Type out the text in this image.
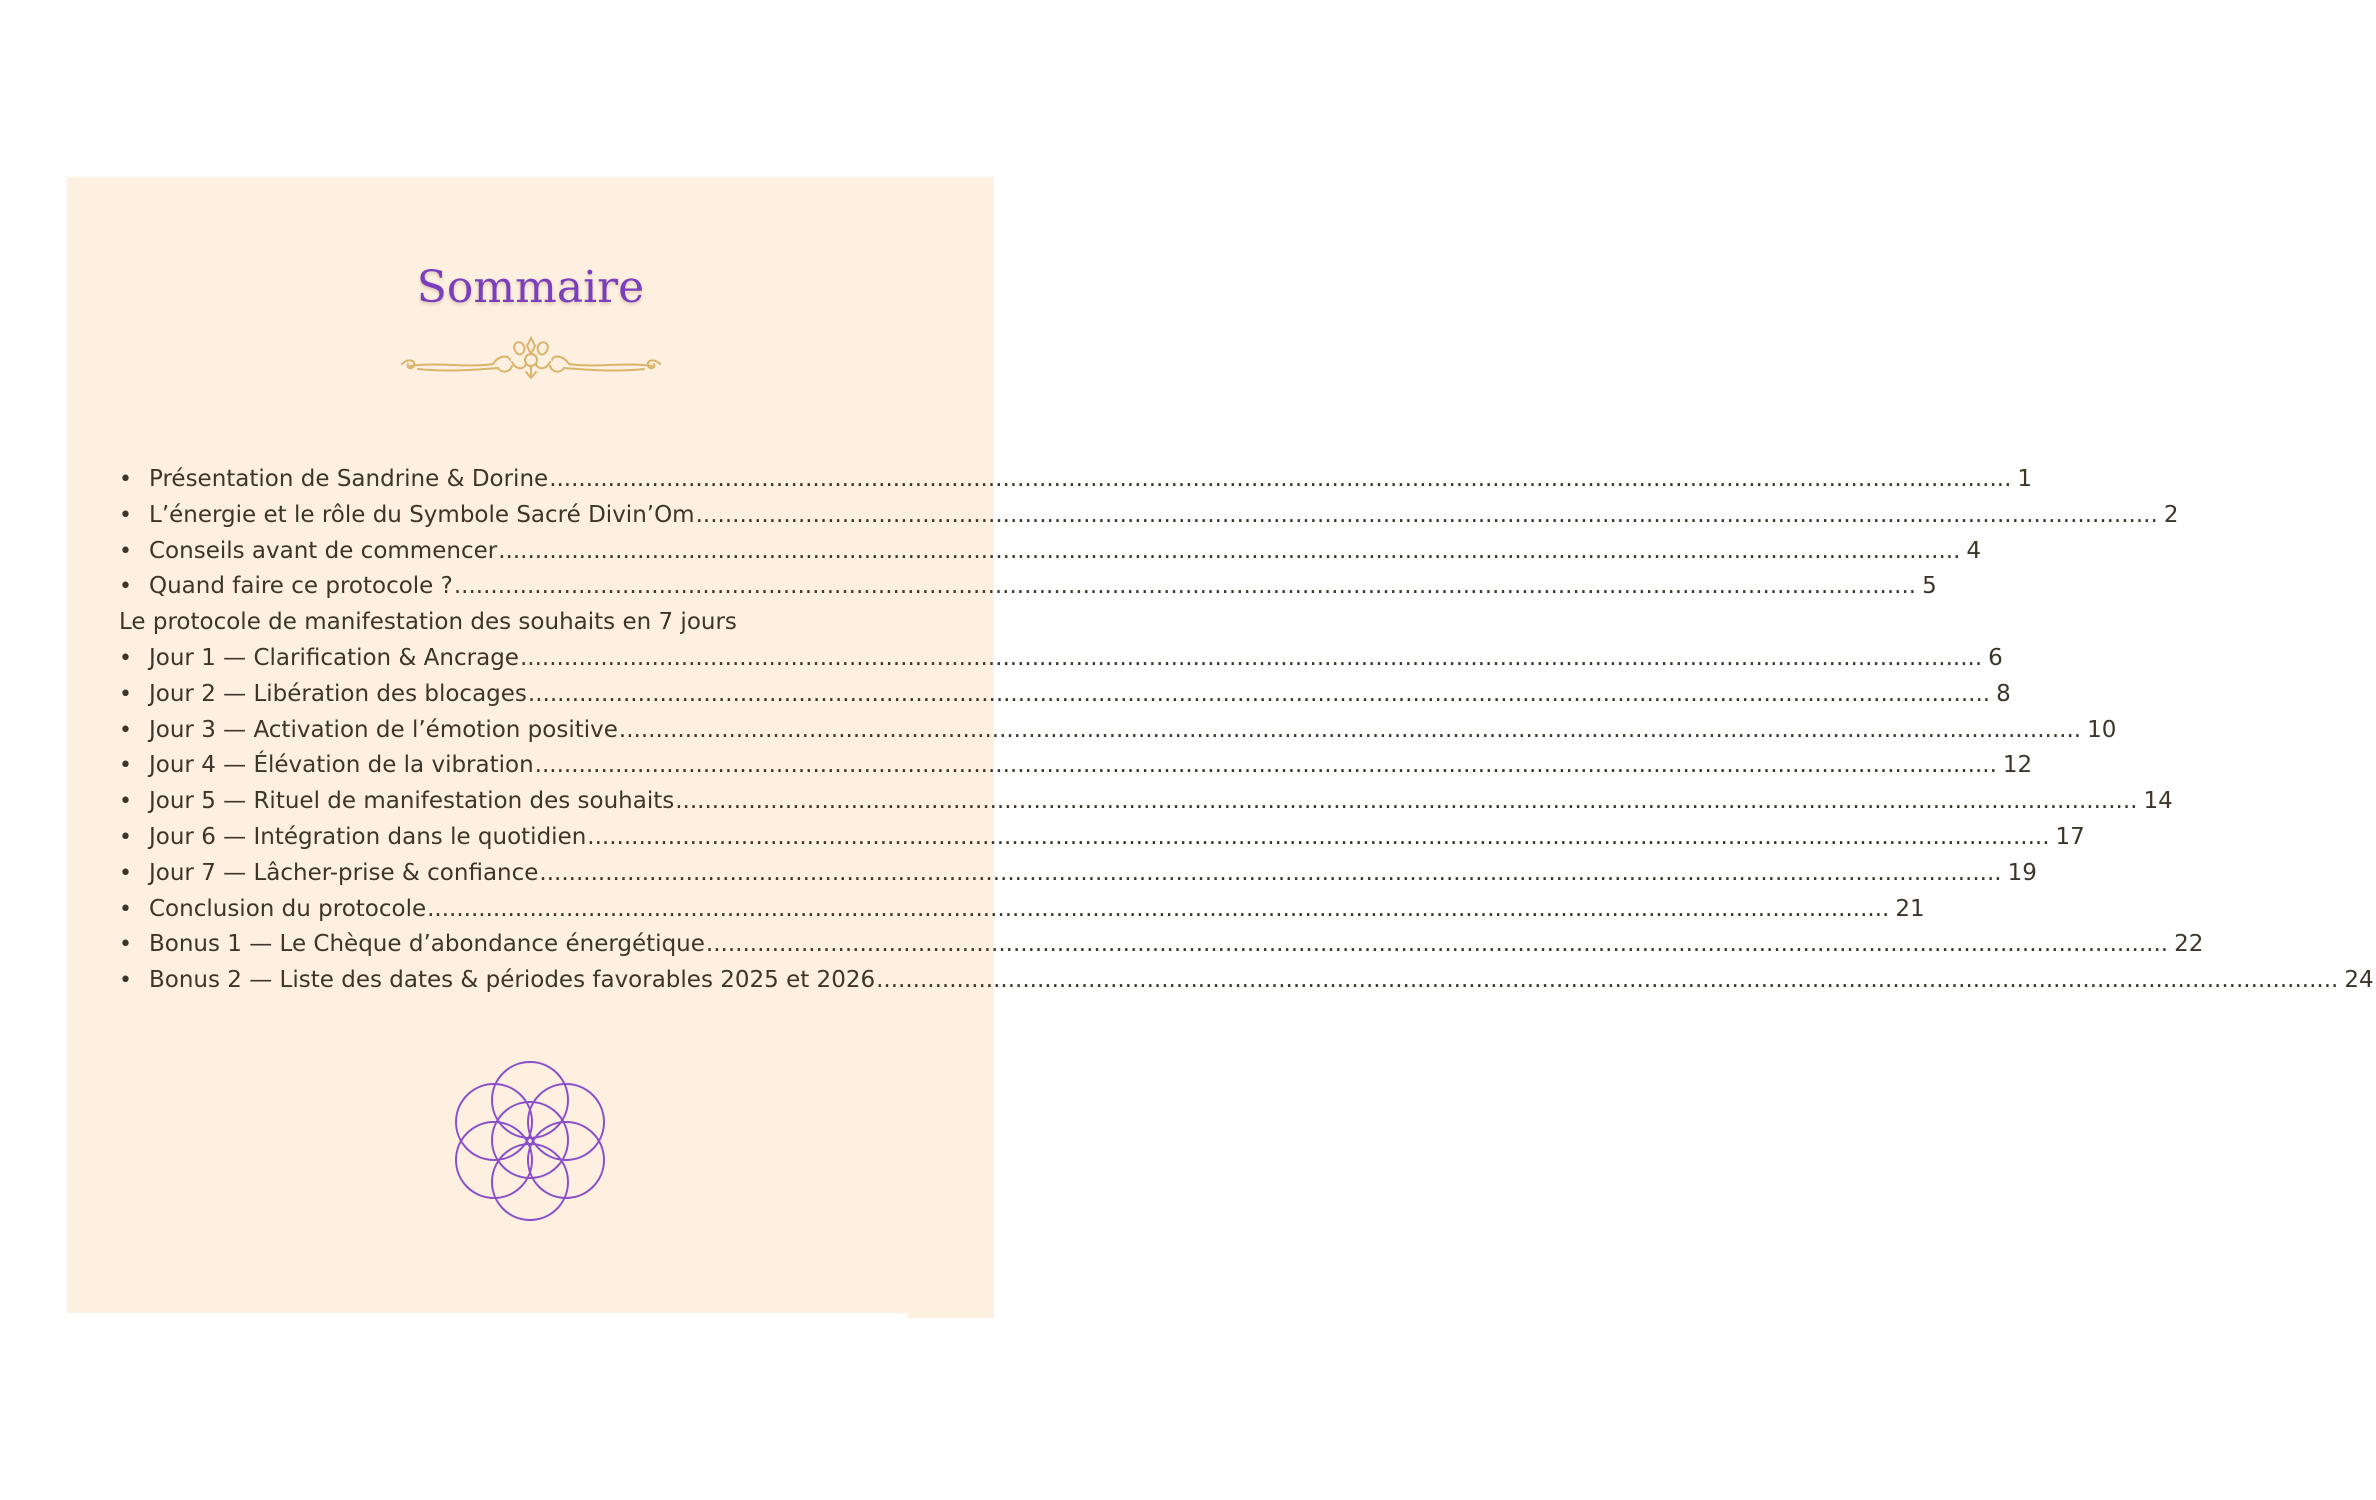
Sommaire
• Présentation de Sandrine & Dorine ........................................................................................................................................................................................................ 1
• L’énergie et le rôle du Symbole Sacré Divin’Om ........................................................................................................................................................................................................ 2
• Conseils avant de commencer ........................................................................................................................................................................................................ 4
• Quand faire ce protocole ? ........................................................................................................................................................................................................ 5
Le protocole de manifestation des souhaits en 7 jours
• Jour 1 — Clarification & Ancrage ........................................................................................................................................................................................................ 6
• Jour 2 — Libération des blocages ........................................................................................................................................................................................................ 8
• Jour 3 — Activation de l’émotion positive ........................................................................................................................................................................................................ 10
• Jour 4 — Élévation de la vibration ........................................................................................................................................................................................................ 12
• Jour 5 — Rituel de manifestation des souhaits ........................................................................................................................................................................................................ 14
• Jour 6 — Intégration dans le quotidien ........................................................................................................................................................................................................ 17
• Jour 7 — Lâcher-prise & confiance ........................................................................................................................................................................................................ 19
• Conclusion du protocole ........................................................................................................................................................................................................ 21
• Bonus 1 — Le Chèque d’abondance énergétique ........................................................................................................................................................................................................ 22
• Bonus 2 — Liste des dates & périodes favorables 2025 et 2026 ........................................................................................................................................................................................................ 24
